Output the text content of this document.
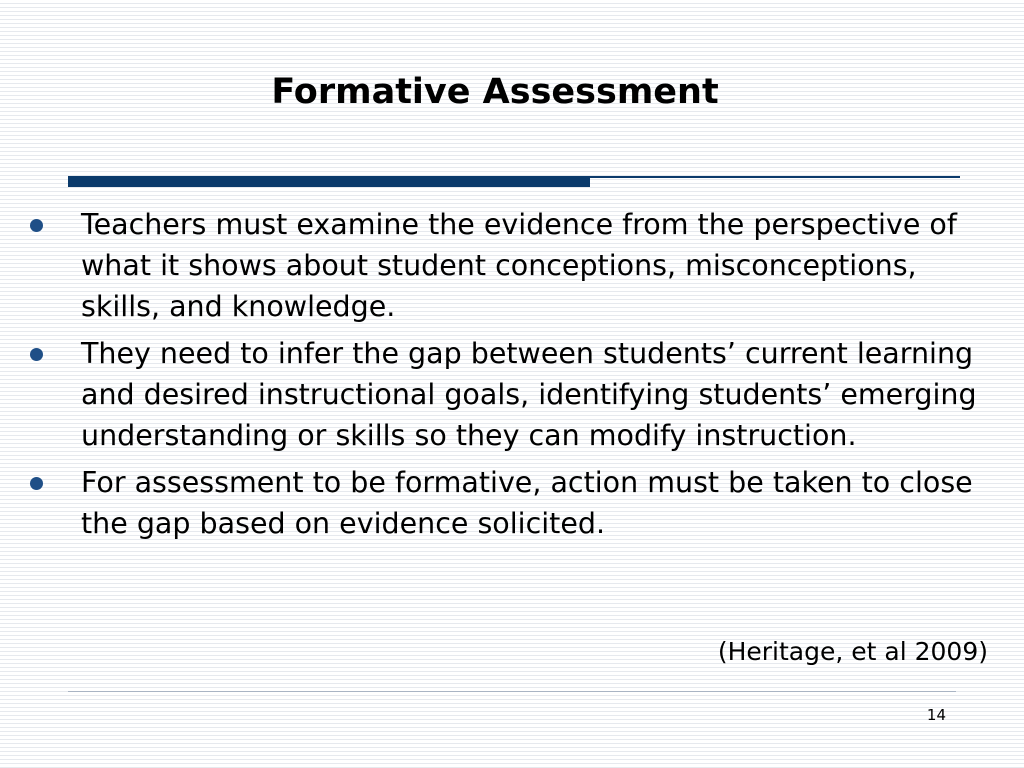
Formative Assessment
Teachers must examine the evidence from the perspective of what it shows about student conceptions, misconceptions, skills, and knowledge.
They need to infer the gap between students’ current learning and desired instructional goals, identifying students’ emerging understanding or skills so they can modify instruction.
For assessment to be formative, action must be taken to close the gap based on evidence solicited.
(Heritage, et al 2009)
14
